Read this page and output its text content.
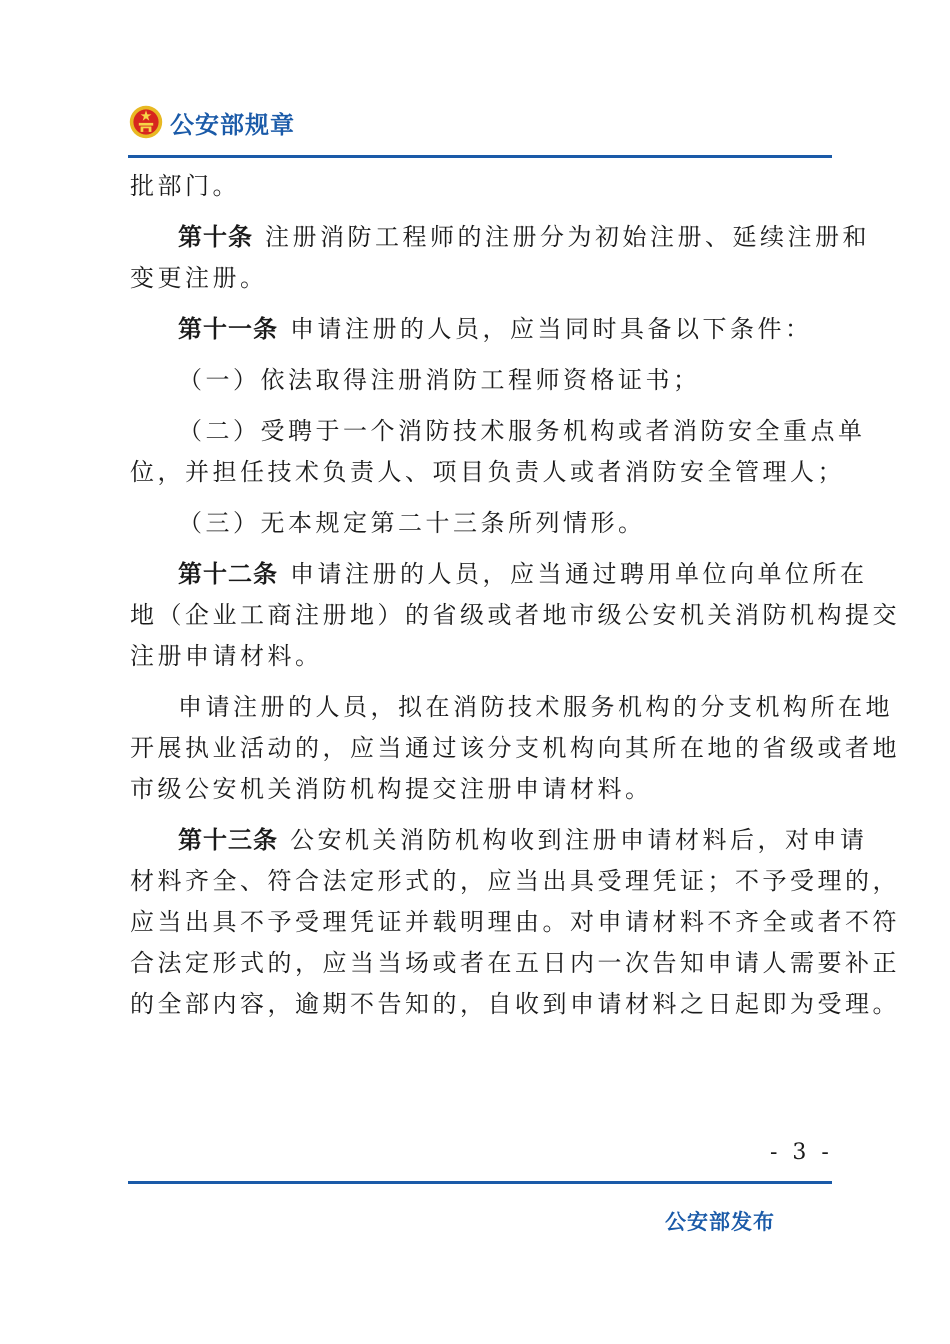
公安部规章
批部门。
第十条 注册消防工程师的注册分为初始注册、延续注册和
变更注册。
第十一条 申请注册的人员，应当同时具备以下条件：
（一）依法取得注册消防工程师资格证书；
（二）受聘于一个消防技术服务机构或者消防安全重点单
位，并担任技术负责人、项目负责人或者消防安全管理人；
（三）无本规定第二十三条所列情形。
第十二条 申请注册的人员，应当通过聘用单位向单位所在
地（企业工商注册地）的省级或者地市级公安机关消防机构提交
注册申请材料。
申请注册的人员，拟在消防技术服务机构的分支机构所在地
开展执业活动的，应当通过该分支机构向其所在地的省级或者地
市级公安机关消防机构提交注册申请材料。
第十三条 公安机关消防机构收到注册申请材料后，对申请
材料齐全、符合法定形式的，应当出具受理凭证；不予受理的，
应当出具不予受理凭证并载明理由。对申请材料不齐全或者不符
合法定形式的，应当当场或者在五日内一次告知申请人需要补正
的全部内容，逾期不告知的，自收到申请材料之日起即为受理。
- 3 -
公安部发布
